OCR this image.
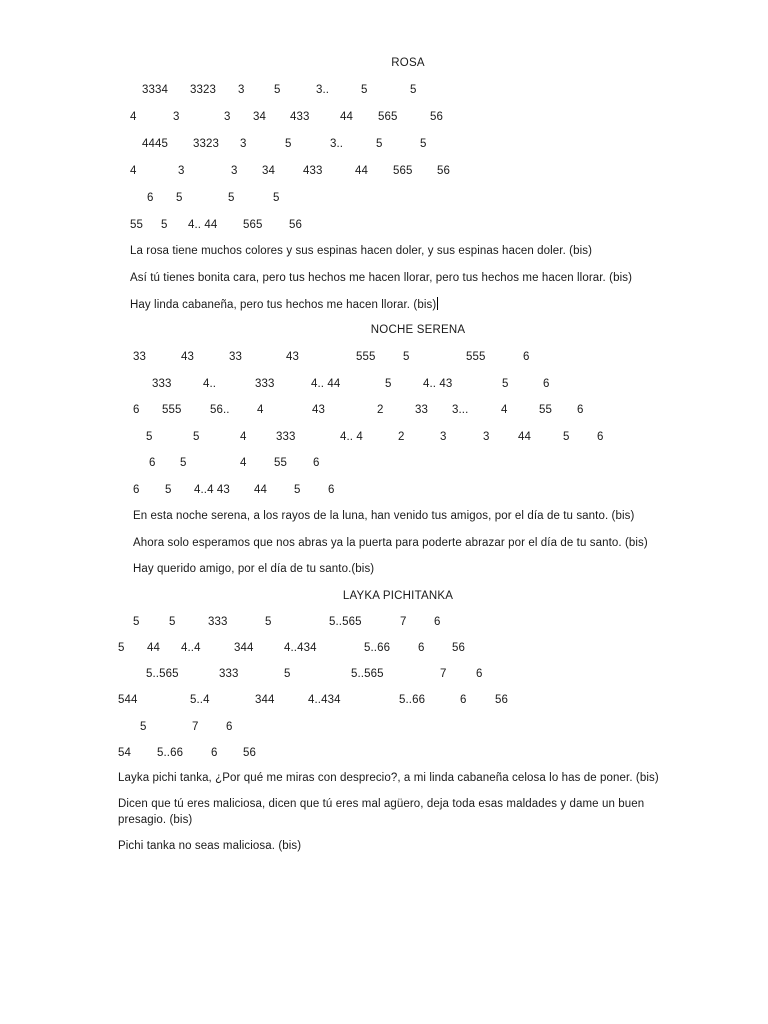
ROSA
3334 3323 3	5	3..	5	5
4	3	3 34 433	44 565	56
4445 3323 3	5	3..	5	5
4	3	3 34 433	44 565 56
6 5	5	5
55 5 4.. 44 565 56
La rosa tiene muchos colores y sus espinas hacen doler, y sus espinas hacen doler. (bis)
Así tú tienes bonita cara, pero tus hechos me hacen llorar, pero tus hechos me hacen llorar. (bis)
Hay linda cabaneña, pero tus hechos me hacen llorar. (bis)
NOCHE SERENA
33	43	33	43	555 5	555	6
333	4..	333	4.. 44	5	4.. 43	5	6
6 555 56.. 4	43	2	33 3...	4	55 6
5	5	4	333	4.. 4	2	3	3 44	5 6
6 5	4 55 6
6 5 4..4 43 44 5 6
En esta noche serena, a los rayos de la luna, han venido tus amigos, por el día de tu santo. (bis)
Ahora solo esperamos que nos abras ya la puerta para poderte abrazar por el día de tu santo. (bis)
Hay querido amigo, por el día de tu santo.(bis)
LAYKA PICHITANKA
5	5	333	5	5..565	7 6
5 44 4..4	344	4..434	5..66 6 56
5..565	333	5	5..565	7	6
544	5..4	344	4..434	5..66	6 56
5	7 6
54 5..66 6 56
Layka pichi tanka, ¿Por qué me miras con desprecio?, a mi linda cabaneña celosa lo has de poner. (bis)
Dicen que tú eres maliciosa, dicen que tú eres mal agüero, deja toda esas maldades y dame un buen
presagio. (bis)
Pichi tanka no seas maliciosa. (bis)
